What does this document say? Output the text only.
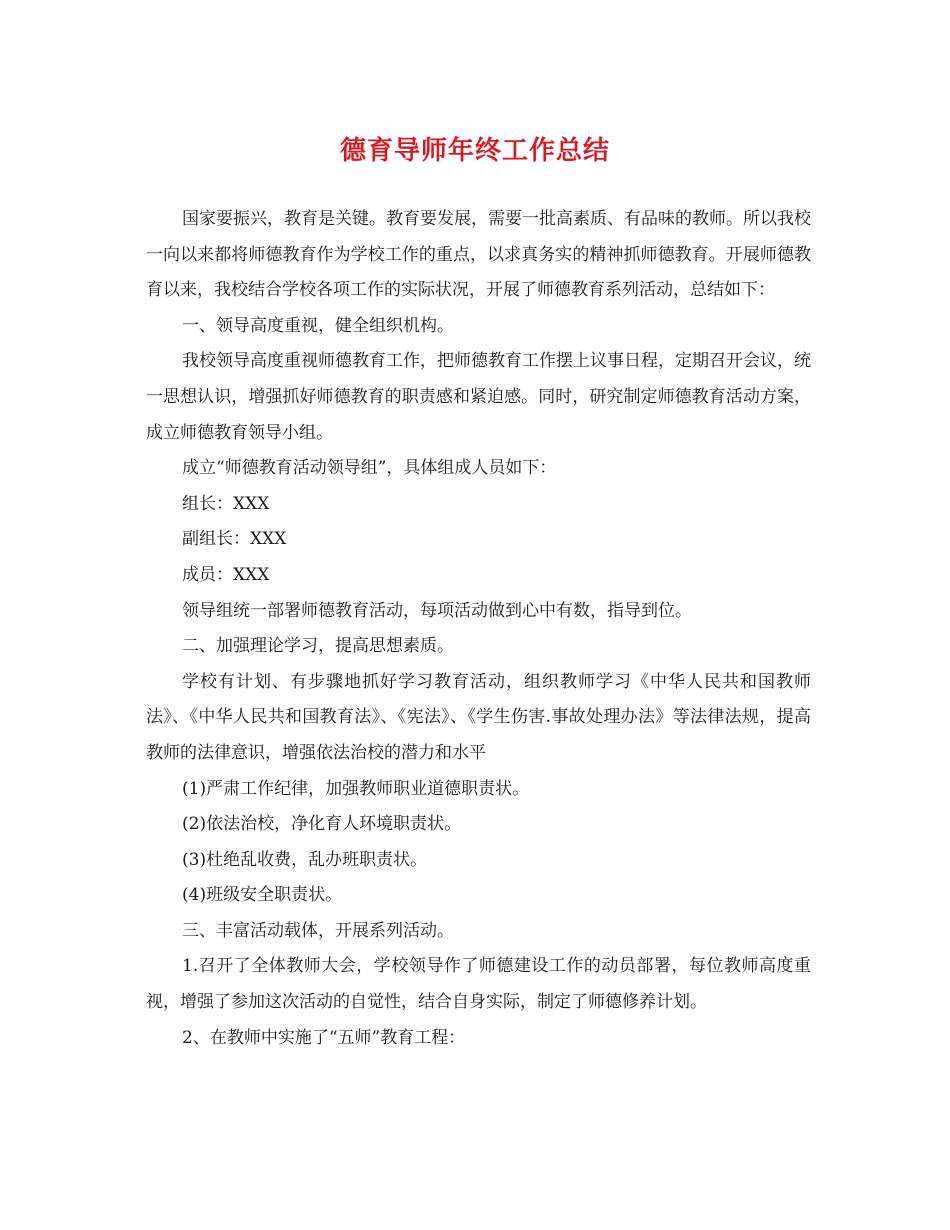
德育导师年终工作总结

国家要振兴，教育是关键。教育要发展，需要一批高素质、有品味的教师。所以我校一向以来都将师德教育作为学校工作的重点，以求真务实的精神抓师德教育。开展师德教育以来，我校结合学校各项工作的实际状况，开展了师德教育系列活动，总结如下：

一、领导高度重视，健全组织机构。

我校领导高度重视师德教育工作，把师德教育工作摆上议事日程，定期召开会议，统一思想认识，增强抓好师德教育的职责感和紧迫感。同时，研究制定师德教育活动方案，成立师德教育领导小组。

成立“师德教育活动领导组”，具体组成人员如下：

组长：XXX

副组长：XXX

成员：XXX

领导组统一部署师德教育活动，每项活动做到心中有数，指导到位。

二、加强理论学习，提高思想素质。

学校有计划、有步骤地抓好学习教育活动，组织教师学习《中华人民共和国教师法》、《中华人民共和国教育法》、《宪法》、《学生伤害.事故处理办法》等法律法规，提高教师的法律意识，增强依法治校的潜力和水平

(1)严肃工作纪律，加强教师职业道德职责状。

(2)依法治校，净化育人环境职责状。

(3)杜绝乱收费，乱办班职责状。

(4)班级安全职责状。

三、丰富活动载体，开展系列活动。

1.召开了全体教师大会，学校领导作了师德建设工作的动员部署，每位教师高度重视，增强了参加这次活动的自觉性，结合自身实际，制定了师德修养计划。

2、在教师中实施了“五师”教育工程：
